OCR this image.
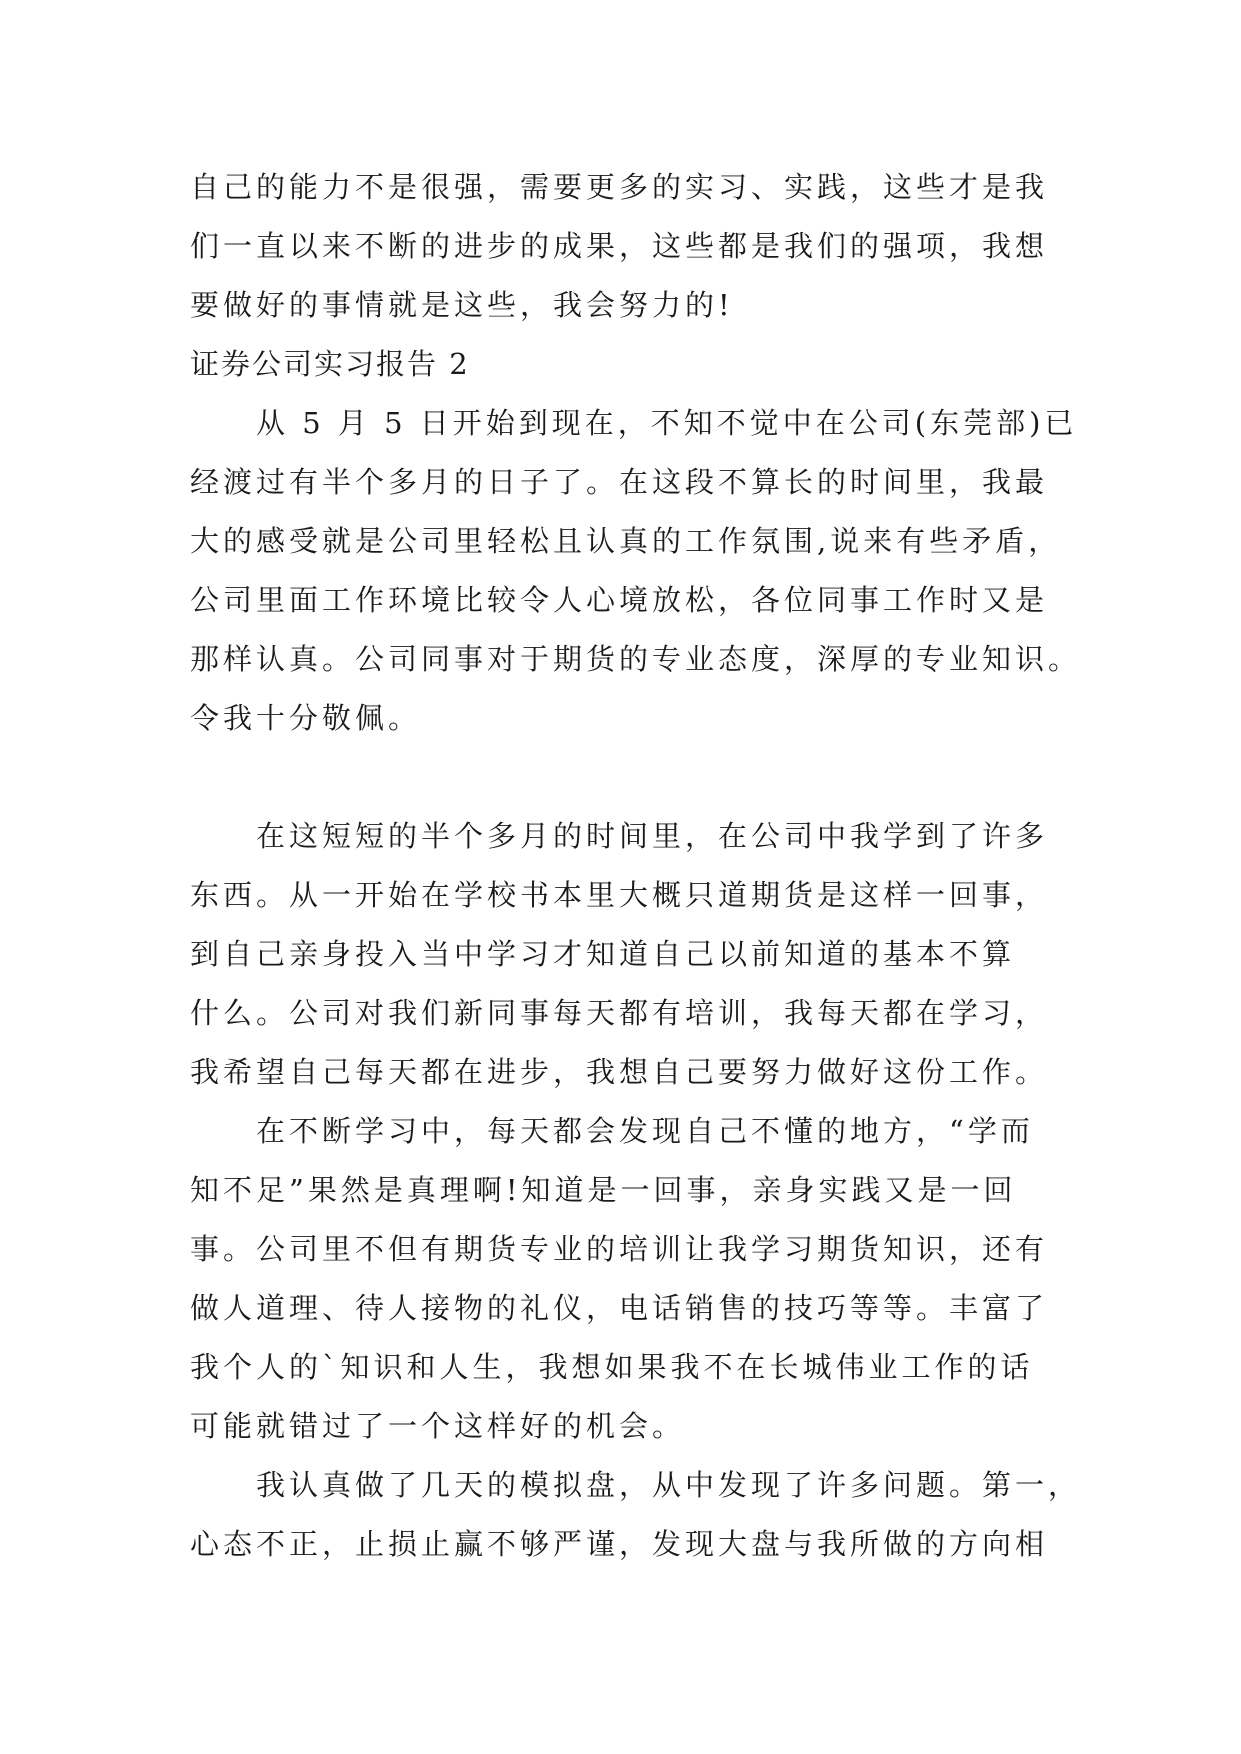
自己的能力不是很强，需要更多的实习、实践，这些才是我
们一直以来不断的进步的成果，这些都是我们的强项，我想
要做好的事情就是这些，我会努力的!
证券公司实习报告 2
从 5 月 5 日开始到现在，不知不觉中在公司(东莞部)已
经渡过有半个多月的日子了。在这段不算长的时间里，我最
大的感受就是公司里轻松且认真的工作氛围,说来有些矛盾，
公司里面工作环境比较令人心境放松，各位同事工作时又是
那样认真。公司同事对于期货的专业态度，深厚的专业知识。
令我十分敬佩。
在这短短的半个多月的时间里，在公司中我学到了许多
东西。从一开始在学校书本里大概只道期货是这样一回事，
到自己亲身投入当中学习才知道自己以前知道的基本不算
什么。公司对我们新同事每天都有培训，我每天都在学习，
我希望自己每天都在进步，我想自己要努力做好这份工作。
在不断学习中，每天都会发现自己不懂的地方，“学而
知不足”果然是真理啊!知道是一回事，亲身实践又是一回
事。公司里不但有期货专业的培训让我学习期货知识，还有
做人道理、待人接物的礼仪，电话销售的技巧等等。丰富了
我个人的`知识和人生，我想如果我不在长城伟业工作的话
可能就错过了一个这样好的机会。
我认真做了几天的模拟盘，从中发现了许多问题。第一，
心态不正，止损止赢不够严谨，发现大盘与我所做的方向相
